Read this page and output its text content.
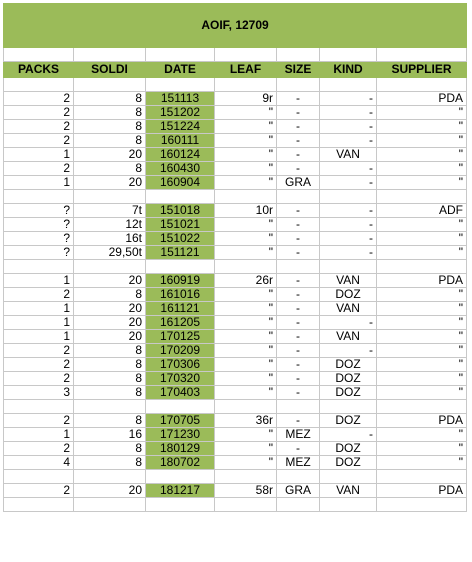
AOIF, 12709						

PACKS	SOLDI	DATE	LEAF	SIZE	KIND	SUPPLIER

2	8	151113	9r	-	-	PDA
2	8	151202	"	-	-	"
2	8	151224	"	-	-	"
2	8	160111	"	-	-	"
1	20	160124	"	-	VAN	"
2	8	160430	"	-	-	"
1	20	160904	"	GRA	-	"

?	7t	151018	10r	-	-	ADF
?	12t	151021	"	-	-	"
?	16t	151022	"	-	-	"
?	29,50t	151121	"	-	-	"

1	20	160919	26r	-	VAN	PDA
2	8	161016	"	-	DOZ	"
1	20	161121	"	-	VAN	"
1	20	161205	"	-	-	"
1	20	170125	"	-	VAN	"
2	8	170209	"	-	-	"
2	8	170306	"	-	DOZ	"
2	8	170320	"	-	DOZ	"
3	8	170403	"	-	DOZ	"

2	8	170705	36r	-	DOZ	PDA
1	16	171230	"	MEZ	-	"
2	8	180129	"	-	DOZ	"
4	8	180702	"	MEZ	DOZ	"

2	20	181217	58r	GRA	VAN	PDA
